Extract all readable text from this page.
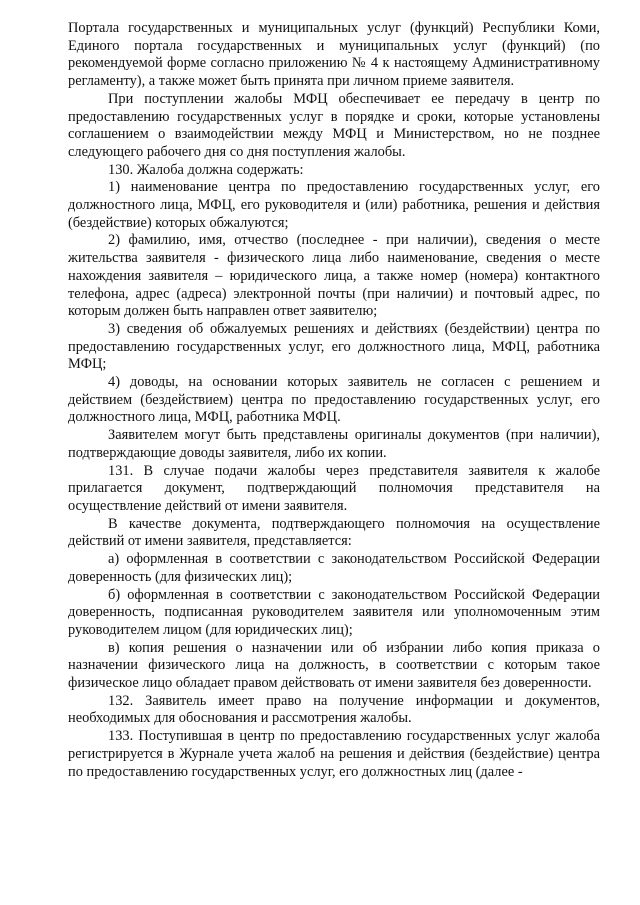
Портала государственных и муниципальных услуг (функций) Республики Коми, Единого портала государственных и муниципальных услуг (функций) (по рекомендуемой форме согласно приложению № 4 к настоящему Административному регламенту), а также может быть принята при личном приеме заявителя.

При поступлении жалобы МФЦ обеспечивает ее передачу в центр по предоставлению государственных услуг в порядке и сроки, которые установлены соглашением о взаимодействии между МФЦ и Министерством, но не позднее следующего рабочего дня со дня поступления жалобы.

130. Жалоба должна содержать:

1) наименование центра по предоставлению государственных услуг, его должностного лица, МФЦ, его руководителя и (или) работника, решения и действия (бездействие) которых обжалуются;

2) фамилию, имя, отчество (последнее - при наличии), сведения о месте жительства заявителя - физического лица либо наименование, сведения о месте нахождения заявителя – юридического лица, а также номер (номера) контактного телефона, адрес (адреса) электронной почты (при наличии) и почтовый адрес, по которым должен быть направлен ответ заявителю;

3) сведения об обжалуемых решениях и действиях (бездействии) центра по предоставлению государственных услуг, его должностного лица, МФЦ, работника МФЦ;

4) доводы, на основании которых заявитель не согласен с решением и действием (бездействием) центра по предоставлению государственных услуг, его должностного лица, МФЦ, работника МФЦ.

Заявителем могут быть представлены оригиналы документов (при наличии), подтверждающие доводы заявителя, либо их копии.

131. В случае подачи жалобы через представителя заявителя к жалобе прилагается документ, подтверждающий полномочия представителя на осуществление действий от имени заявителя.

В качестве документа, подтверждающего полномочия на осуществление действий от имени заявителя, представляется:

а) оформленная в соответствии с законодательством Российской Федерации доверенность (для физических лиц);

б) оформленная в соответствии с законодательством Российской Федерации доверенность, подписанная руководителем заявителя или уполномоченным этим руководителем лицом (для юридических лиц);

в) копия решения о назначении или об избрании либо копия приказа о назначении физического лица на должность, в соответствии с которым такое физическое лицо обладает правом действовать от имени заявителя без доверенности.

132. Заявитель имеет право на получение информации и документов, необходимых для обоснования и рассмотрения жалобы.

133. Поступившая в центр по предоставлению государственных услуг жалоба регистрируется в Журнале учета жалоб на решения и действия (бездействие) центра по предоставлению государственных услуг, его должностных лиц (далее -
